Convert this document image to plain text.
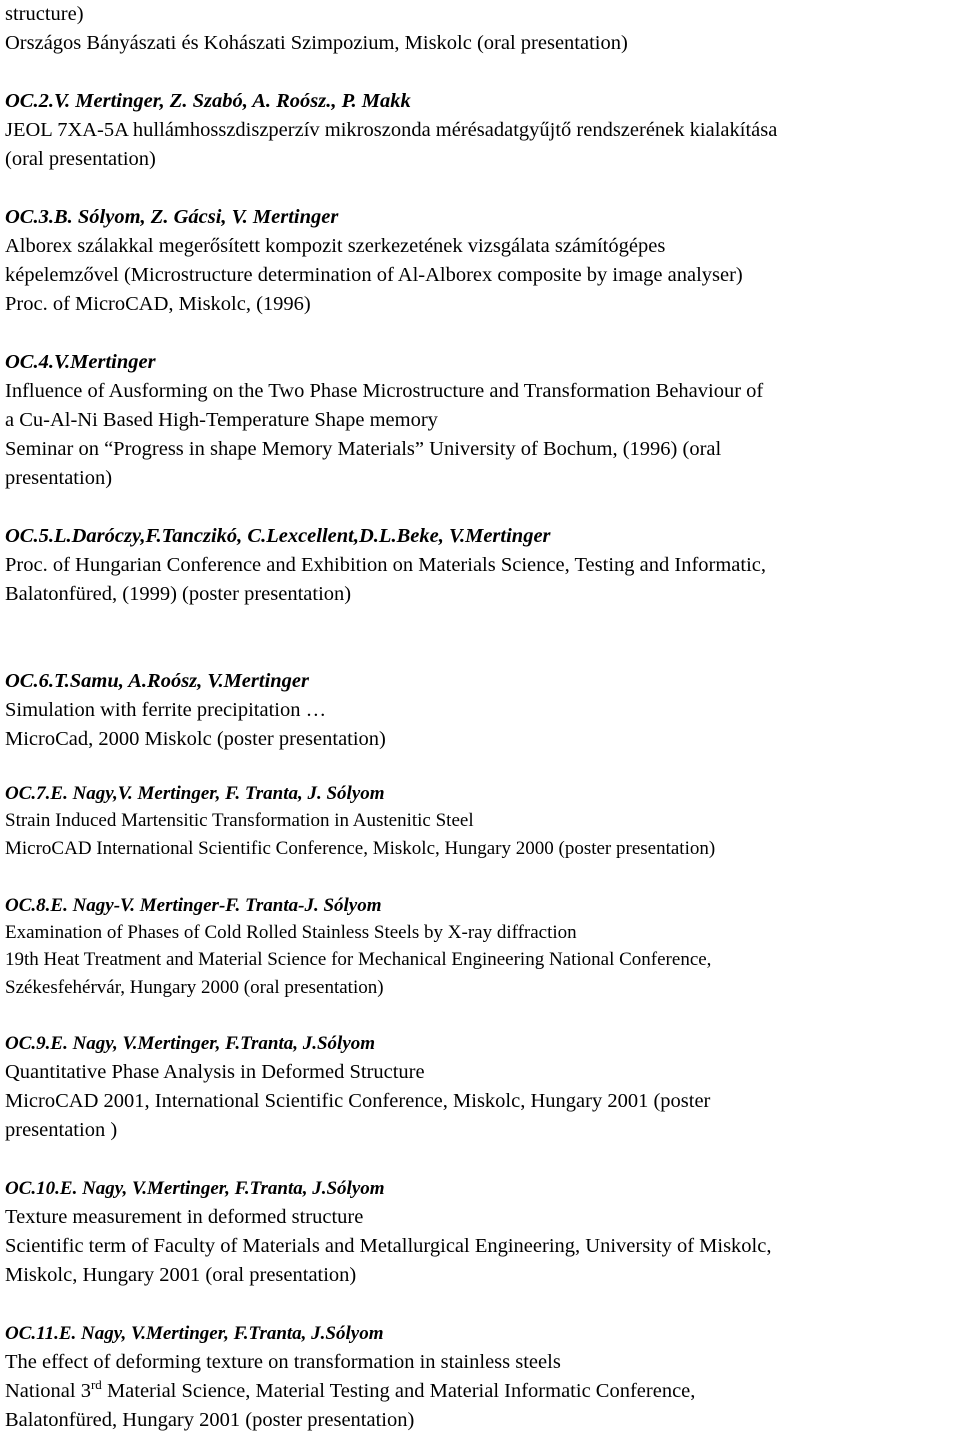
structure)
Országos Bányászati és Kohászati Szimpozium, Miskolc (oral presentation)
OC.2.V. Mertinger, Z. Szabó, A. Roósz., P. Makk
JEOL 7XA-5A hullámhosszdiszperzív mikroszonda mérésadatgyűjtő rendszerének kialakítása
(oral presentation)
OC.3.B. Sólyom, Z. Gácsi, V. Mertinger
Alborex szálakkal megerősített kompozit szerkezetének vizsgálata számítógépes
képelemzővel (Microstructure determination of Al-Alborex composite by image analyser)
Proc. of MicroCAD, Miskolc, (1996)
OC.4.V.Mertinger
Influence of Ausforming on the Two Phase Microstructure and Transformation Behaviour of
a Cu-Al-Ni Based High-Temperature Shape memory
Seminar on “Progress in shape Memory Materials” University of Bochum, (1996) (oral
presentation)
OC.5.L.Daróczy,F.Tanczikó, C.Lexcellent,D.L.Beke, V.Mertinger
Proc. of Hungarian Conference and Exhibition on Materials Science, Testing and Informatic,
Balatonfüred, (1999) (poster presentation)
OC.6.T.Samu, A.Roósz, V.Mertinger
Simulation with ferrite precipitation …
MicroCad, 2000 Miskolc (poster presentation)
OC.7.E. Nagy,V. Mertinger, F. Tranta, J. Sólyom
Strain Induced Martensitic Transformation in Austenitic Steel
MicroCAD International Scientific Conference, Miskolc, Hungary 2000 (poster presentation)
OC.8.E. Nagy-V. Mertinger-F. Tranta-J. Sólyom
Examination of Phases of Cold Rolled Stainless Steels by X-ray diffraction
19th Heat Treatment and Material Science for Mechanical Engineering National Conference,
Székesfehérvár, Hungary 2000 (oral presentation)
OC.9.E. Nagy, V.Mertinger, F.Tranta, J.Sólyom
Quantitative Phase Analysis in Deformed Structure
MicroCAD 2001, International Scientific Conference, Miskolc, Hungary 2001 (poster
presentation )
OC.10.E. Nagy, V.Mertinger, F.Tranta, J.Sólyom
Texture measurement in deformed structure
Scientific term of Faculty of Materials and Metallurgical Engineering, University of Miskolc,
Miskolc, Hungary 2001 (oral presentation)
OC.11.E. Nagy, V.Mertinger, F.Tranta, J.Sólyom
The effect of deforming texture on transformation in stainless steels
National 3rd Material Science, Material Testing and Material Informatic Conference,
Balatonfüred, Hungary 2001 (poster presentation)
